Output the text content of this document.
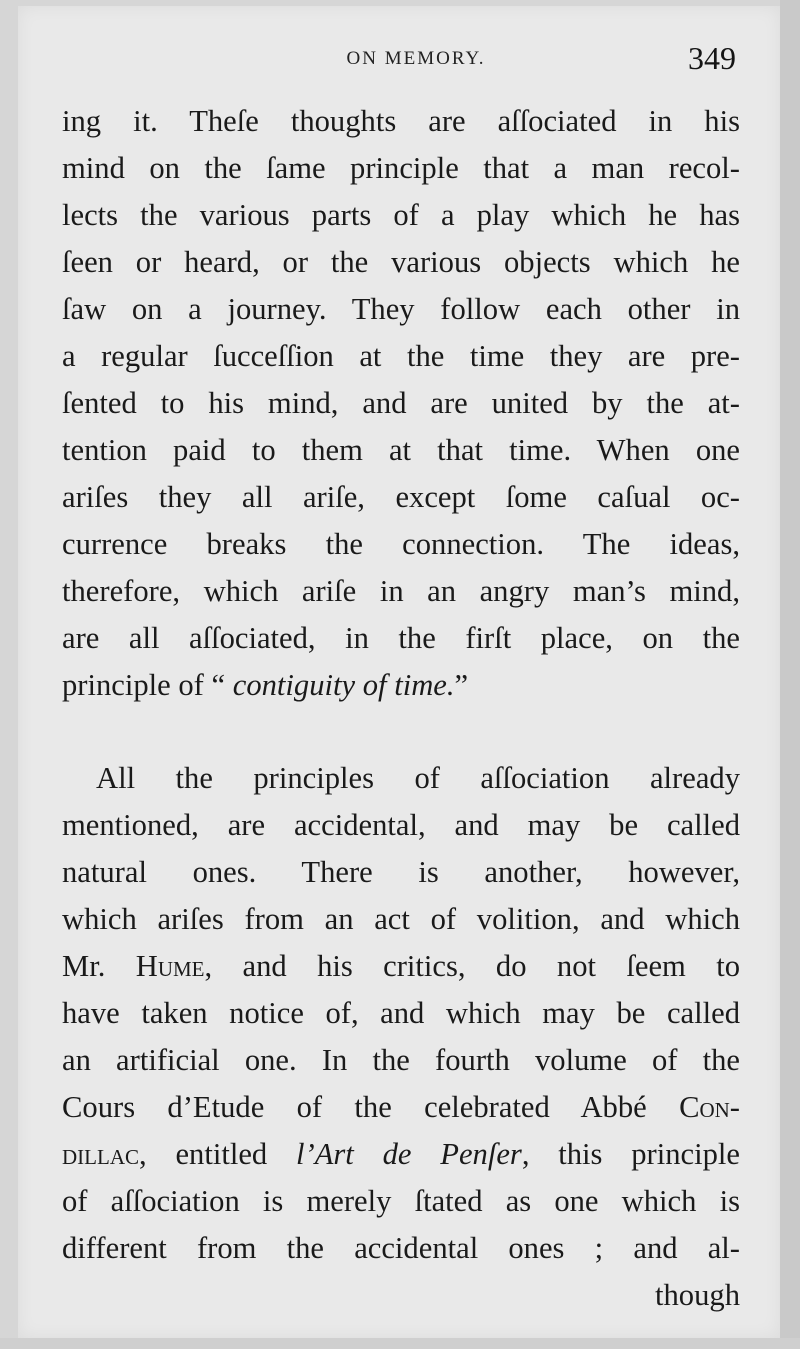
ON MEMORY.	349
ing it. Theſe thoughts are aſſociated in his
mind on the ſame principle that a man recol-
lects the various parts of a play which he has
ſeen or heard, or the various objects which he
ſaw on a journey. They follow each other in
a regular ſucceſſion at the time they are pre-
ſented to his mind, and are united by the at-
tention paid to them at that time. When one
ariſes they all ariſe, except ſome caſual oc-
currence breaks the connection. The ideas,
therefore, which ariſe in an angry man’s mind,
are all aſſociated, in the firſt place, on the
principle of “ contiguity of time.”
All the principles of aſſociation already
mentioned, are accidental, and may be called
natural ones. There is another, however,
which ariſes from an act of volition, and which
Mr. Hume, and his critics, do not ſeem to
have taken notice of, and which may be called
an artificial one. In the fourth volume of the
Cours d’Etude of the celebrated Abbé Con-
dillac, entitled l’Art de Penſer, this principle
of aſſociation is merely ſtated as one which is
different from the accidental ones ; and al-
though
